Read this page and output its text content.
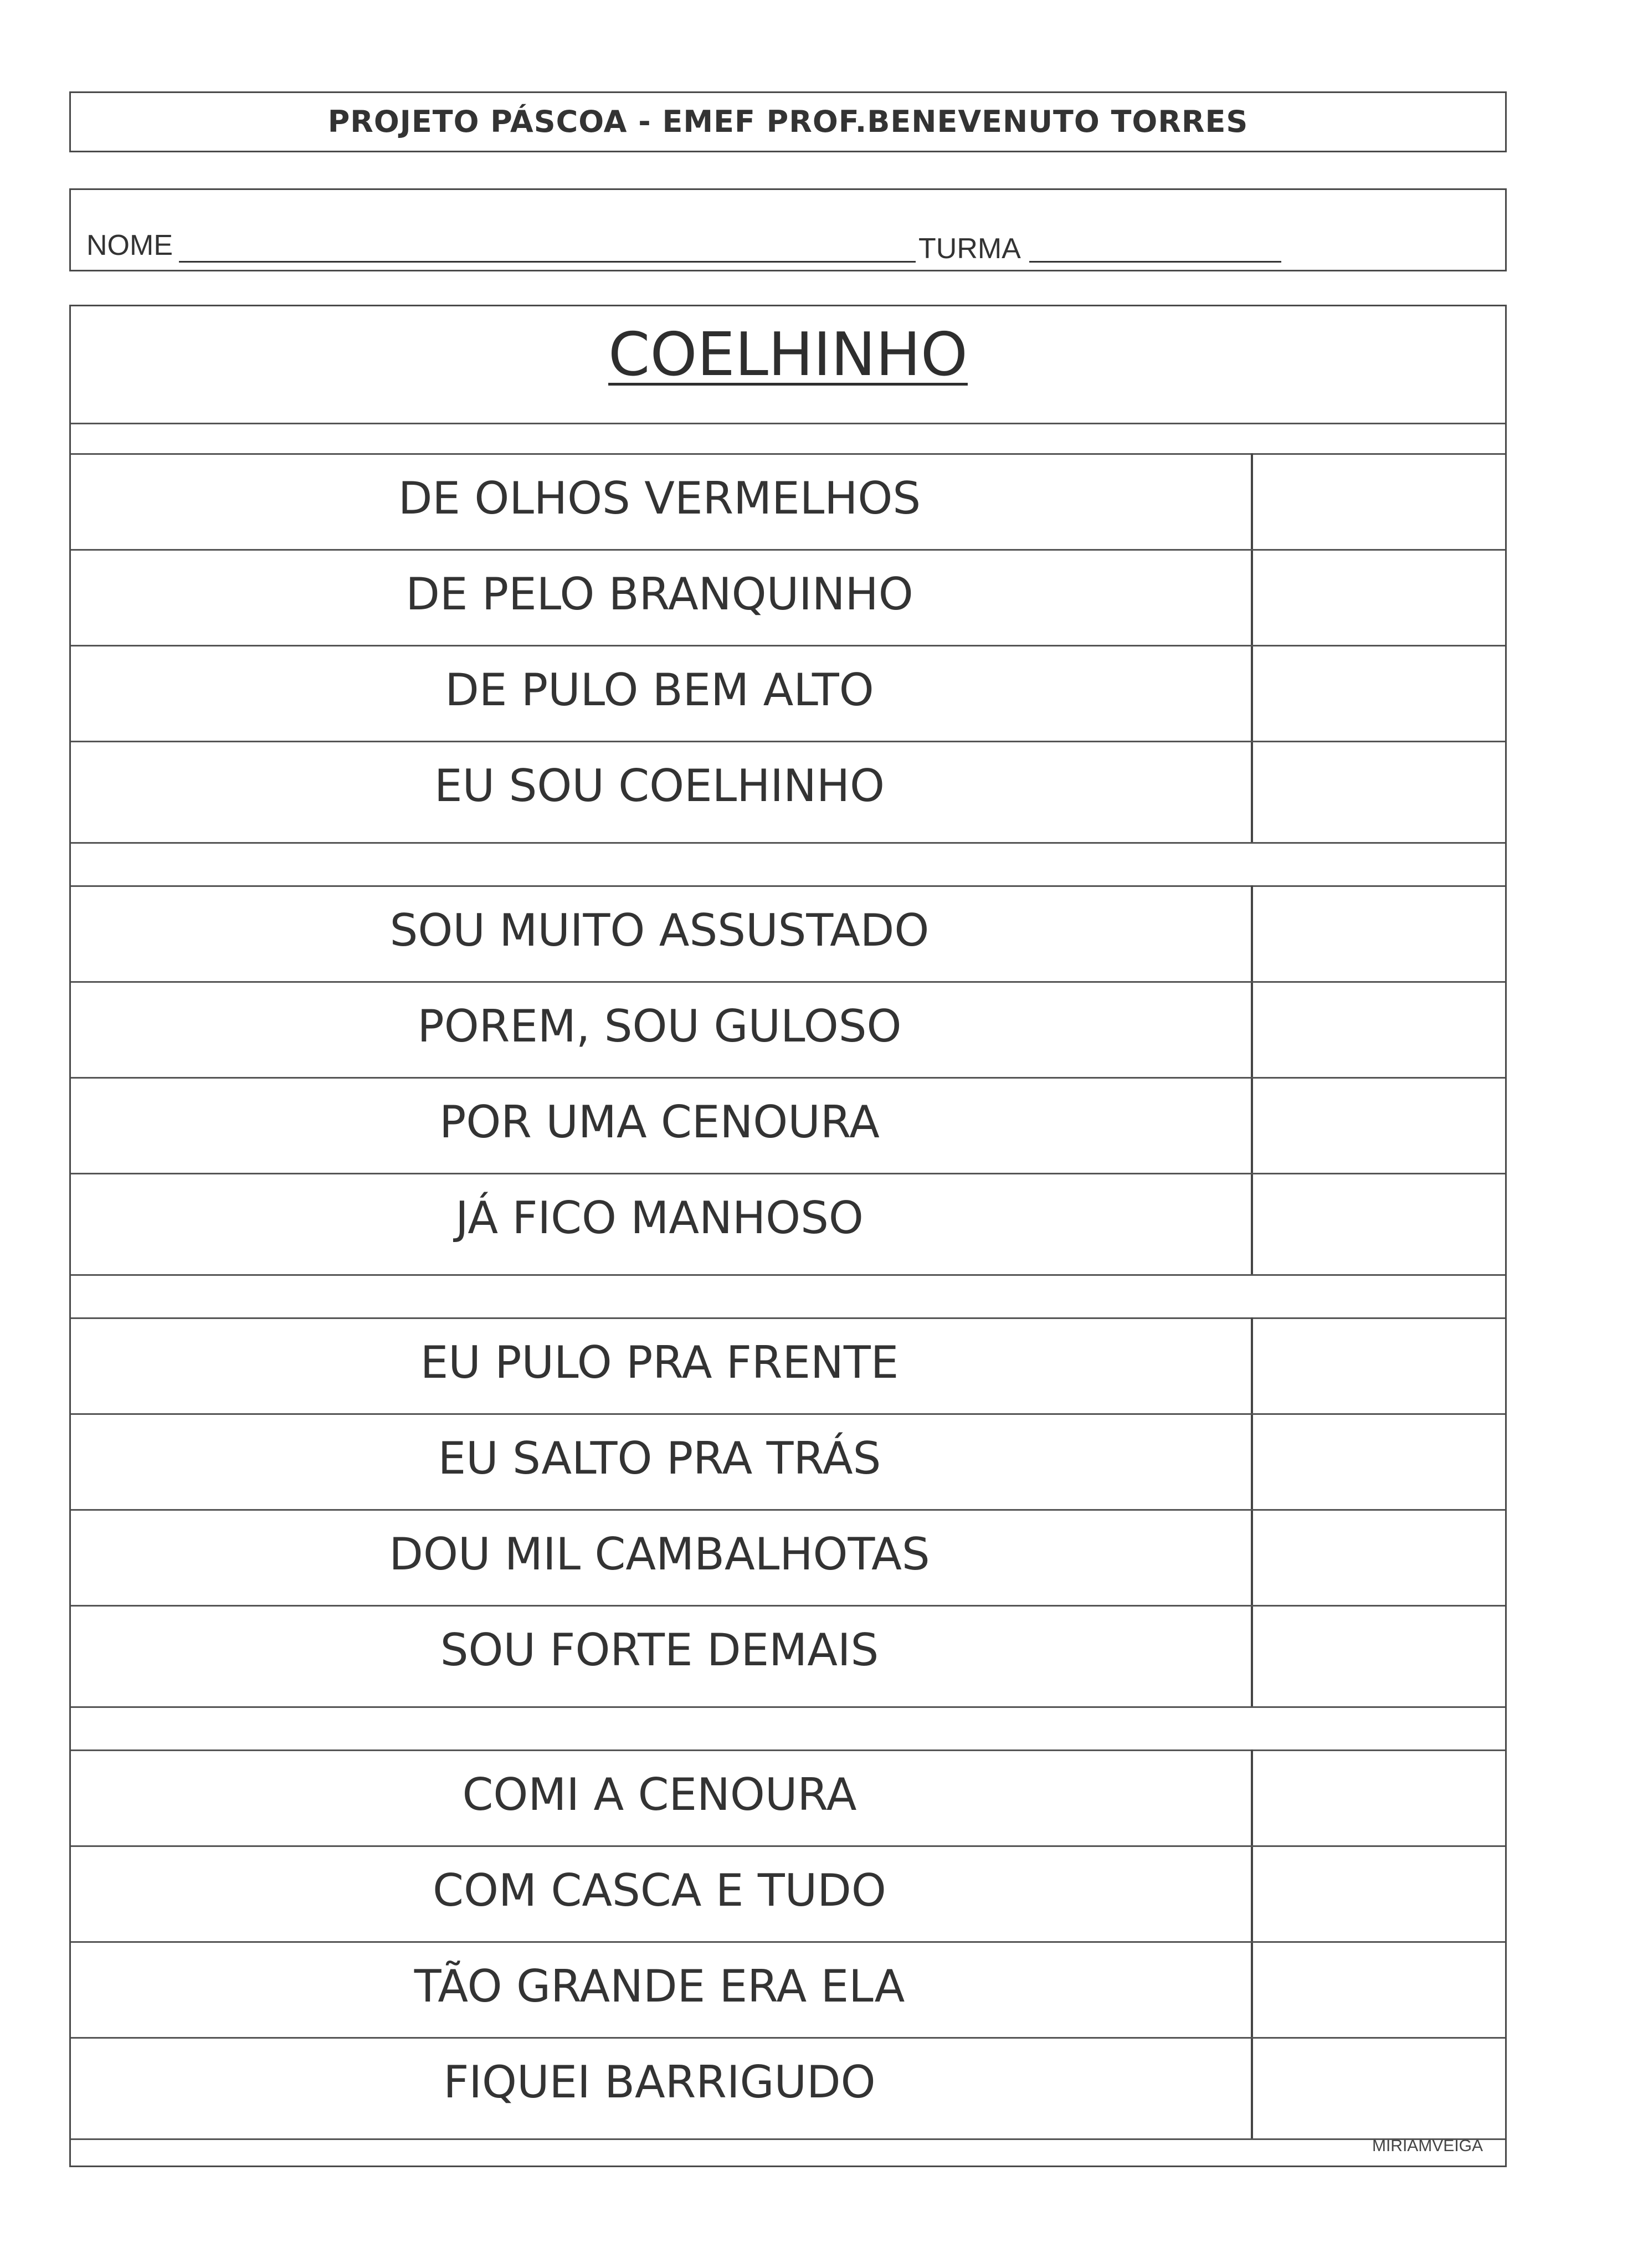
PROJETO PÁSCOA - EMEF PROF.BENEVENUTO TORRES
NOME	TURMA
COELHINHO
DE OLHOS VERMELHOS
DE PELO BRANQUINHO
DE PULO BEM ALTO
EU SOU COELHINHO
SOU MUITO ASSUSTADO
POREM, SOU GULOSO
POR UMA CENOURA
JÁ FICO MANHOSO
EU PULO PRA FRENTE
EU SALTO PRA TRÁS
DOU MIL CAMBALHOTAS
SOU FORTE DEMAIS
COMI A CENOURA
COM CASCA E TUDO
TÃO GRANDE ERA ELA
FIQUEI BARRIGUDO
MIRIAMVEIGA
